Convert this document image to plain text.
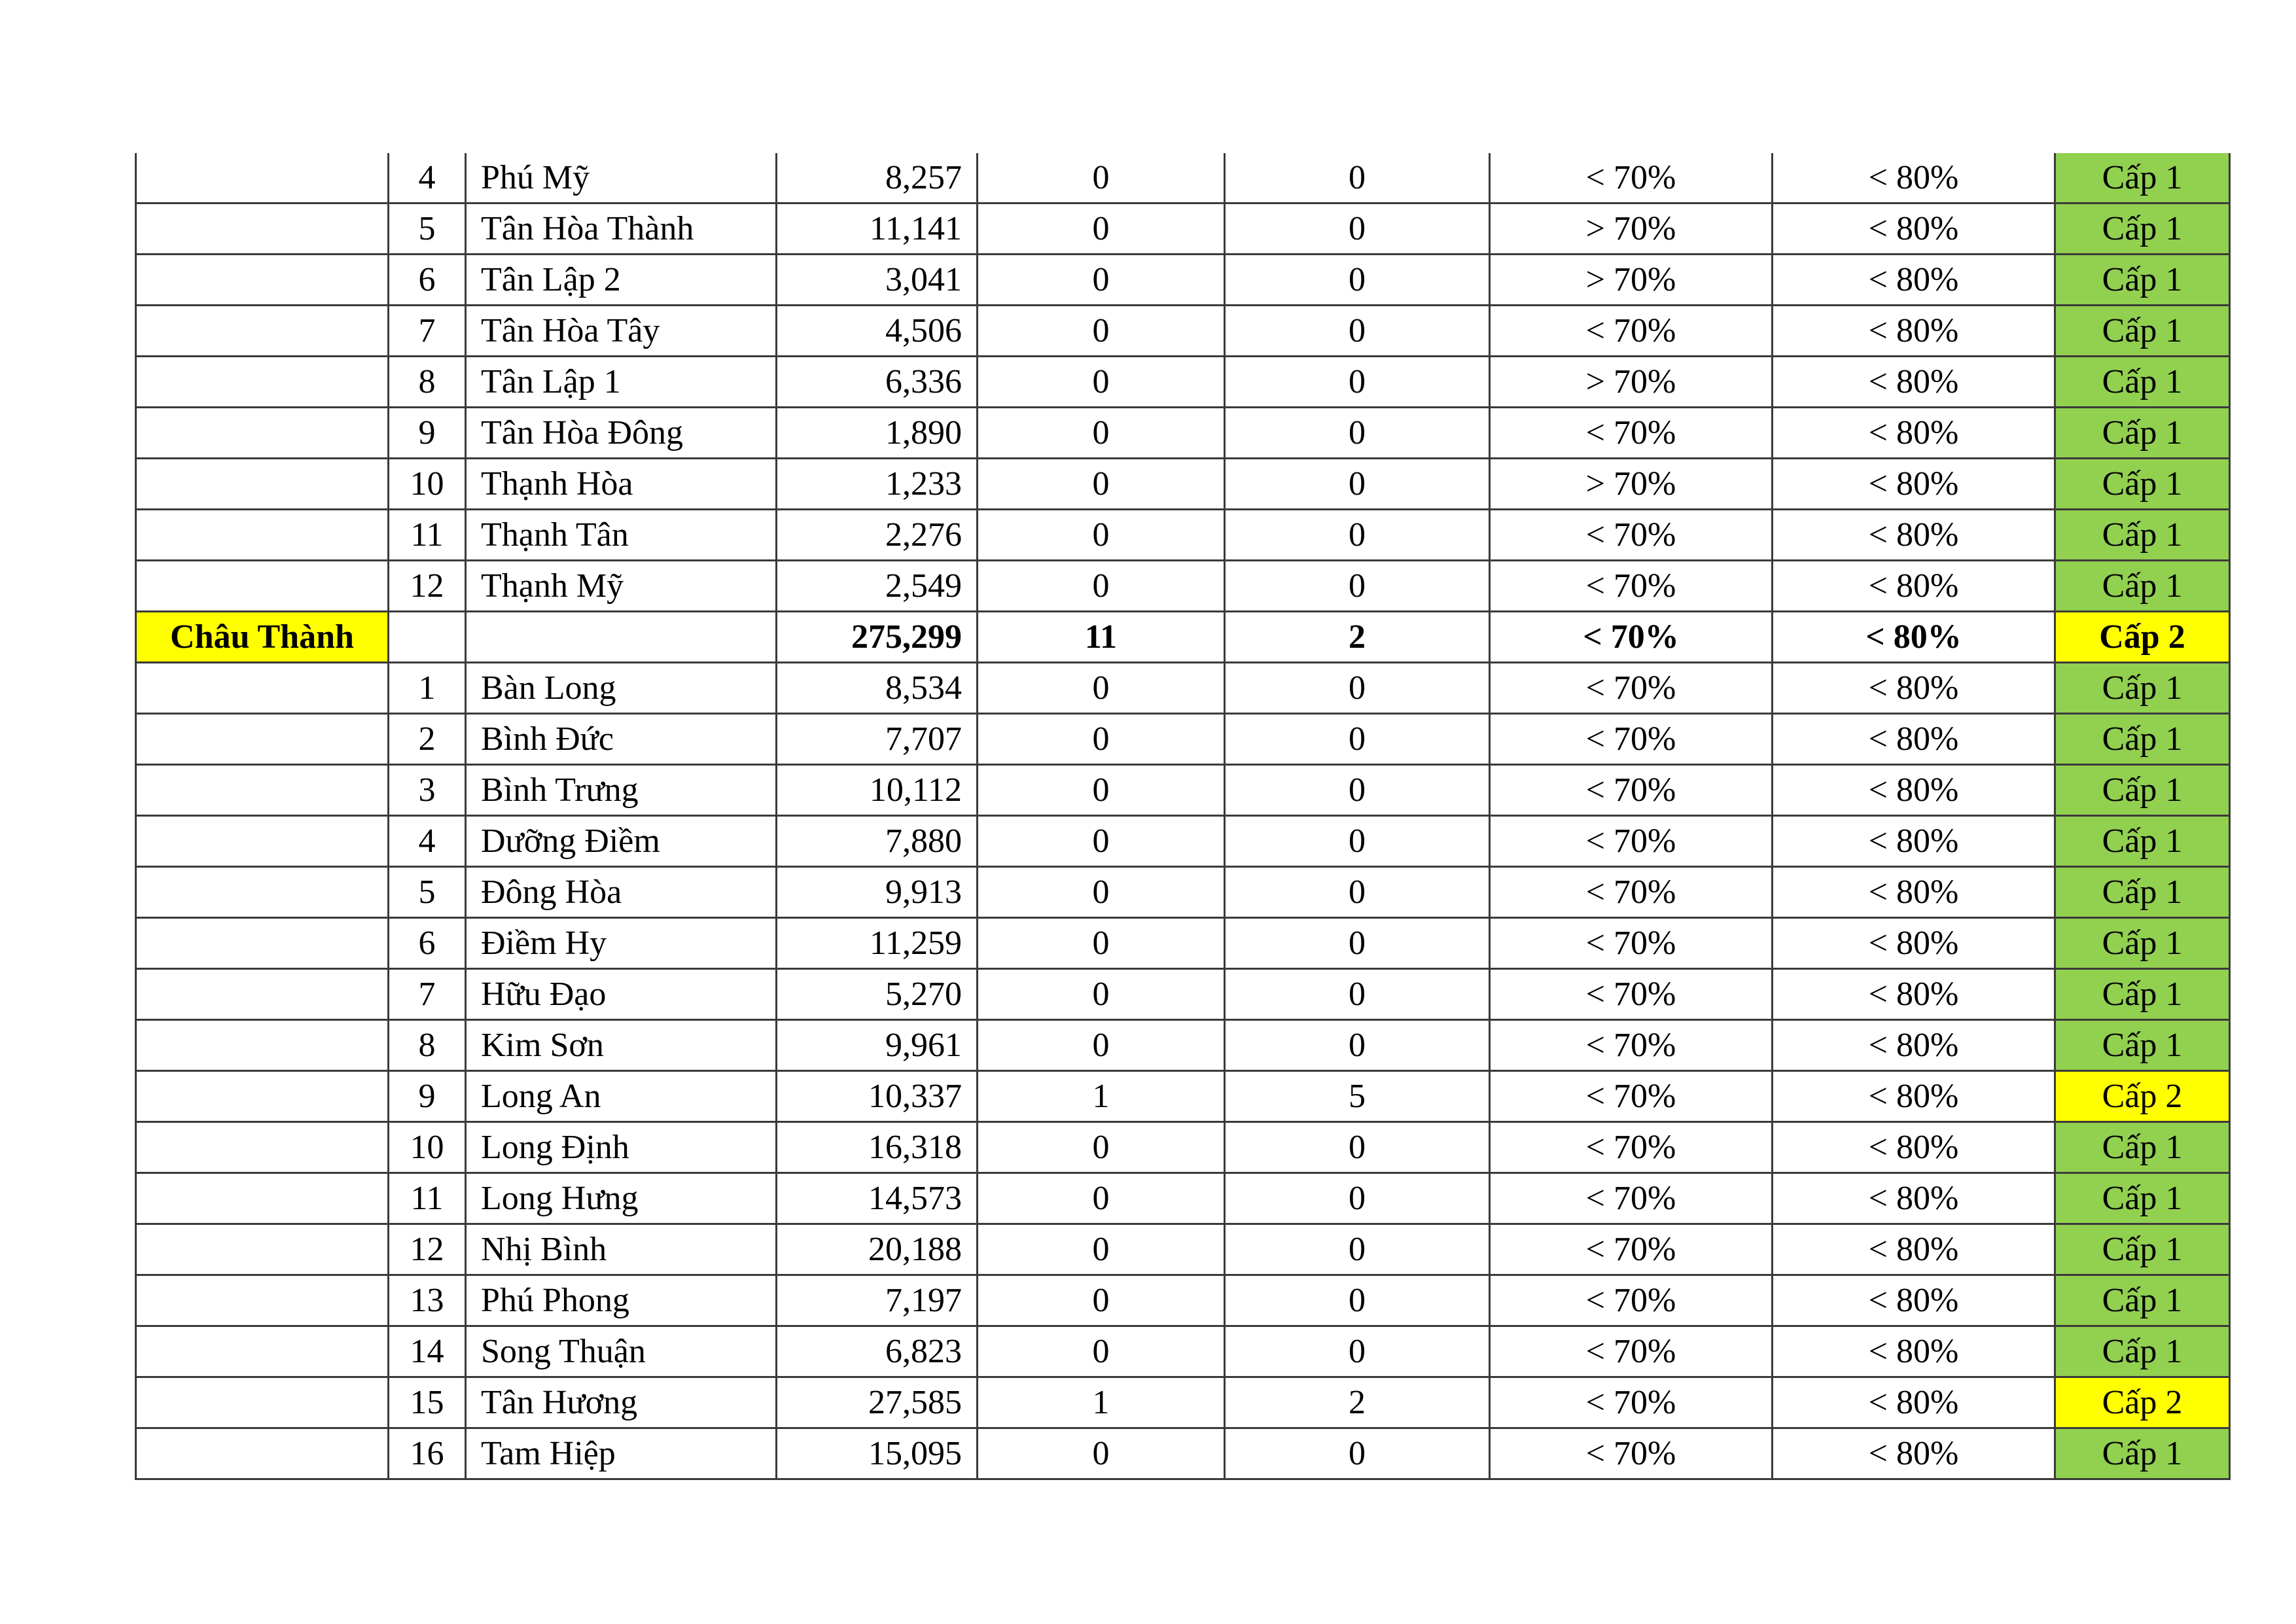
	4	Phú Mỹ	8,257	0	0	< 70%	< 80%	Cấp 1
	5	Tân Hòa Thành	11,141	0	0	> 70%	< 80%	Cấp 1
	6	Tân Lập 2	3,041	0	0	> 70%	< 80%	Cấp 1
	7	Tân Hòa Tây	4,506	0	0	< 70%	< 80%	Cấp 1
	8	Tân Lập 1	6,336	0	0	> 70%	< 80%	Cấp 1
	9	Tân Hòa Đông	1,890	0	0	< 70%	< 80%	Cấp 1
	10	Thạnh Hòa	1,233	0	0	> 70%	< 80%	Cấp 1
	11	Thạnh Tân	2,276	0	0	< 70%	< 80%	Cấp 1
	12	Thạnh Mỹ	2,549	0	0	< 70%	< 80%	Cấp 1
Châu Thành			275,299	11	2	< 70%	< 80%	Cấp 2
	1	Bàn Long	8,534	0	0	< 70%	< 80%	Cấp 1
	2	Bình Đức	7,707	0	0	< 70%	< 80%	Cấp 1
	3	Bình Trưng	10,112	0	0	< 70%	< 80%	Cấp 1
	4	Dưỡng Điềm	7,880	0	0	< 70%	< 80%	Cấp 1
	5	Đông Hòa	9,913	0	0	< 70%	< 80%	Cấp 1
	6	Điềm Hy	11,259	0	0	< 70%	< 80%	Cấp 1
	7	Hữu Đạo	5,270	0	0	< 70%	< 80%	Cấp 1
	8	Kim Sơn	9,961	0	0	< 70%	< 80%	Cấp 1
	9	Long An	10,337	1	5	< 70%	< 80%	Cấp 2
	10	Long Định	16,318	0	0	< 70%	< 80%	Cấp 1
	11	Long Hưng	14,573	0	0	< 70%	< 80%	Cấp 1
	12	Nhị Bình	20,188	0	0	< 70%	< 80%	Cấp 1
	13	Phú Phong	7,197	0	0	< 70%	< 80%	Cấp 1
	14	Song Thuận	6,823	0	0	< 70%	< 80%	Cấp 1
	15	Tân Hương	27,585	1	2	< 70%	< 80%	Cấp 2
	16	Tam Hiệp	15,095	0	0	< 70%	< 80%	Cấp 1
